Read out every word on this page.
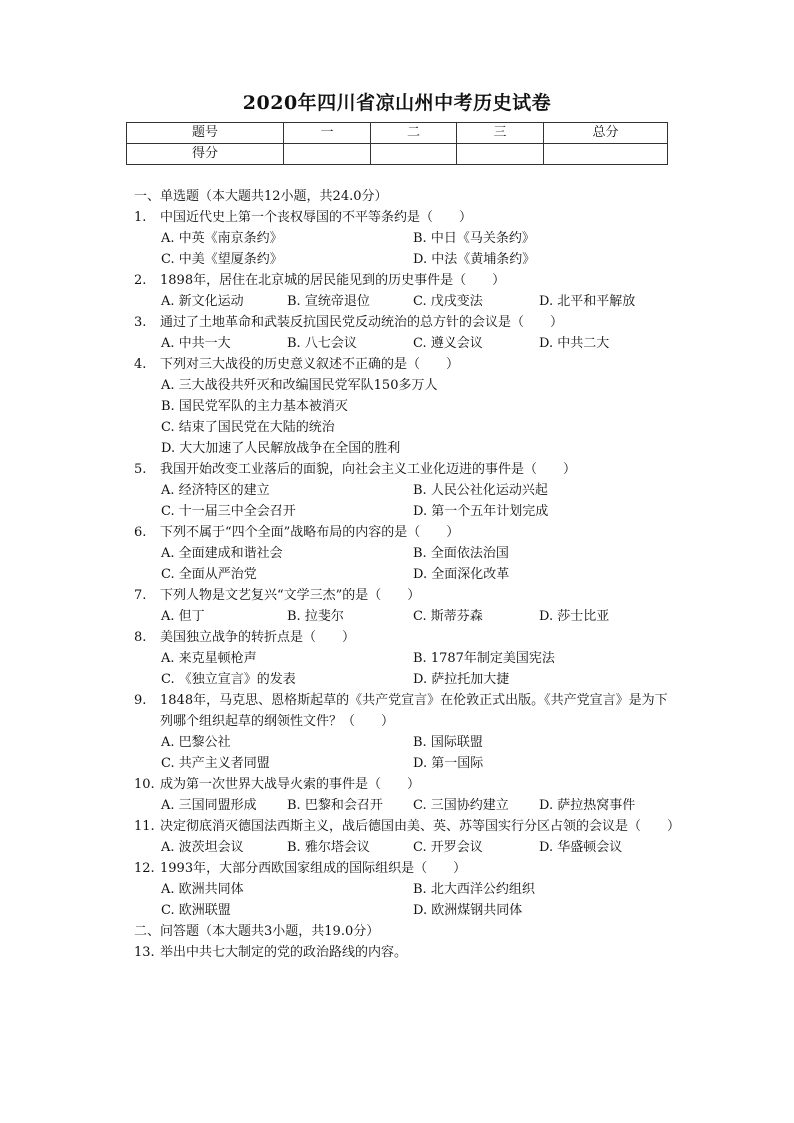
2020年四川省凉山州中考历史试卷
题号	一	二	三	总分
得分				
一、单选题（本大题共12小题，共24.0分）
1.	中国近代史上第一个丧权辱国的不平等条约是（　　）
A. 中英《南京条约》	B. 中日《马关条约》
C. 中美《望厦条约》	D. 中法《黄埔条约》
2.	1898年，居住在北京城的居民能见到的历史事件是（　　）
A. 新文化运动	B. 宣统帝退位	C. 戊戌变法	D. 北平和平解放
3.	通过了土地革命和武装反抗国民党反动统治的总方针的会议是（　　）
A. 中共一大	B. 八七会议	C. 遵义会议	D. 中共二大
4.	下列对三大战役的历史意义叙述不正确的是（　　）
A. 三大战役共歼灭和改编国民党军队150多万人
B. 国民党军队的主力基本被消灭
C. 结束了国民党在大陆的统治
D. 大大加速了人民解放战争在全国的胜利
5.	我国开始改变工业落后的面貌，向社会主义工业化迈进的事件是（　　）
A. 经济特区的建立	B. 人民公社化运动兴起
C. 十一届三中全会召开	D. 第一个五年计划完成
6.	下列不属于“四个全面”战略布局的内容的是（　　）
A. 全面建成和谐社会	B. 全面依法治国
C. 全面从严治党	D. 全面深化改革
7.	下列人物是文艺复兴“文学三杰”的是（　　）
A. 但丁	B. 拉斐尔	C. 斯蒂芬森	D. 莎士比亚
8.	美国独立战争的转折点是（　　）
A. 来克星顿枪声	B. 1787年制定美国宪法
C. 《独立宣言》的发表	D. 萨拉托加大捷
9.	1848年，马克思、恩格斯起草的《共产党宣言》在伦敦正式出版。《共产党宣言》是为下列哪个组织起草的纲领性文件？（　　）
A. 巴黎公社	B. 国际联盟
C. 共产主义者同盟	D. 第一国际
10. 成为第一次世界大战导火索的事件是（　　）
A. 三国同盟形成	B. 巴黎和会召开	C. 三国协约建立	D. 萨拉热窝事件
11. 决定彻底消灭德国法西斯主义，战后德国由美、英、苏等国实行分区占领的会议是（　　）
A. 波茨坦会议	B. 雅尔塔会议	C. 开罗会议	D. 华盛顿会议
12. 1993年，大部分西欧国家组成的国际组织是（　　）
A. 欧洲共同体	B. 北大西洋公约组织
C. 欧洲联盟	D. 欧洲煤钢共同体
二、问答题（本大题共3小题，共19.0分）
13. 举出中共七大制定的党的政治路线的内容。
